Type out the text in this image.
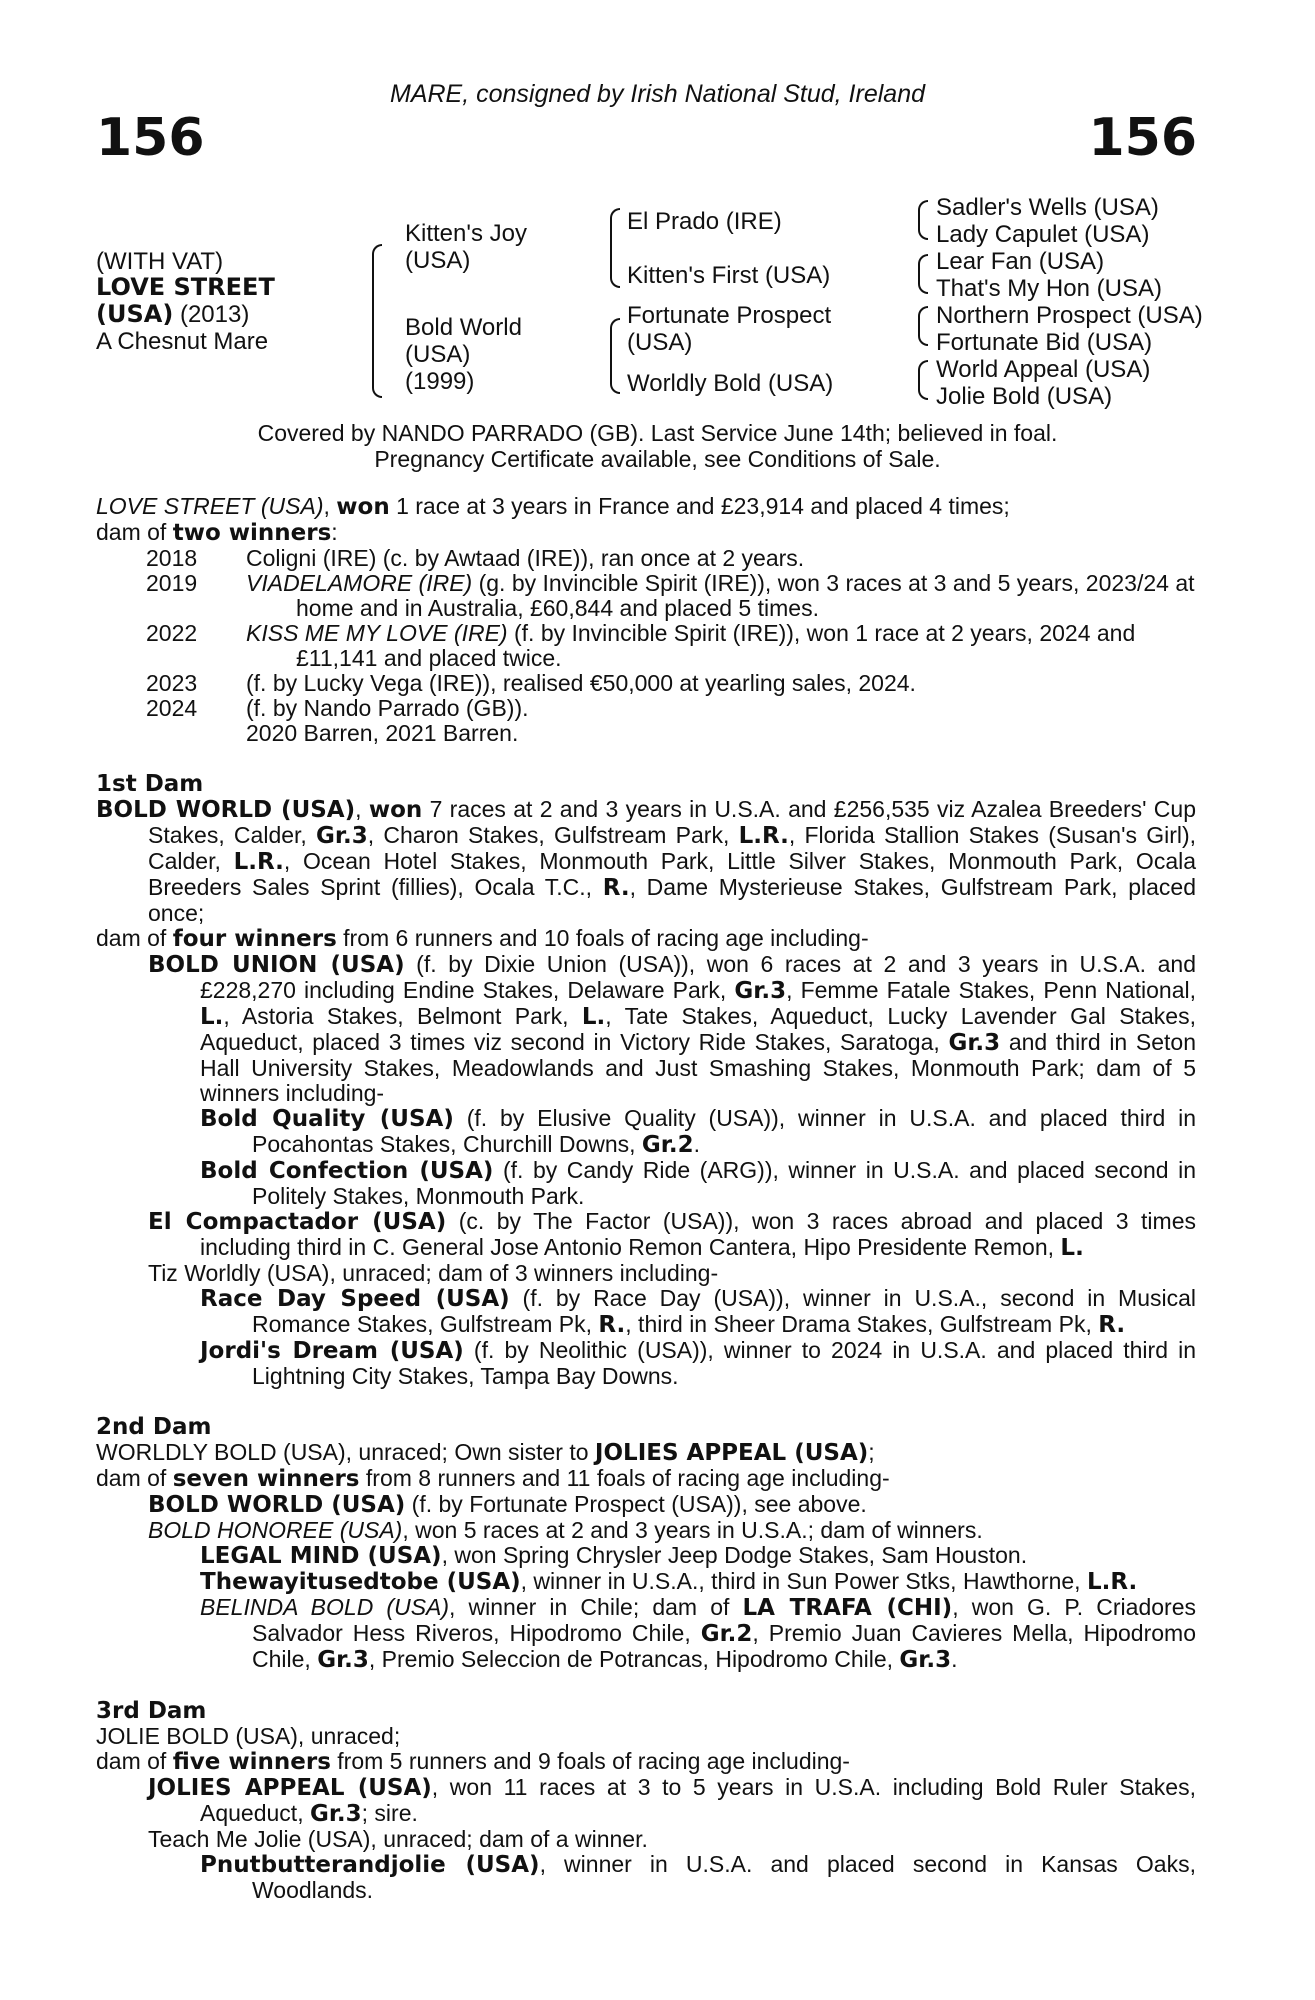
MARE, consigned by Irish National Stud, Ireland
156	156
(WITH VAT)
LOVE STREET
(USA) (2013)
A Chesnut Mare
Kitten's Joy
(USA)
Bold World
(USA)
(1999)
El Prado (IRE)
Kitten's First (USA)
Fortunate Prospect
(USA)
Worldly Bold (USA)
Sadler's Wells (USA)
Lady Capulet (USA)
Lear Fan (USA)
That's My Hon (USA)
Northern Prospect (USA)
Fortunate Bid (USA)
World Appeal (USA)
Jolie Bold (USA)
Covered by NANDO PARRADO (GB). Last Service June 14th; believed in foal.
Pregnancy Certificate available, see Conditions of Sale.
LOVE STREET (USA), won 1 race at 3 years in France and £23,914 and placed 4 times;
dam of two winners:
2018	Coligni (IRE) (c. by Awtaad (IRE)), ran once at 2 years.
2019	VIADELAMORE (IRE) (g. by Invincible Spirit (IRE)), won 3 races at 3 and 5 years, 2023/24 at home and in Australia, £60,844 and placed 5 times.
2022	KISS ME MY LOVE (IRE) (f. by Invincible Spirit (IRE)), won 1 race at 2 years, 2024 and £11,141 and placed twice.
2023	(f. by Lucky Vega (IRE)), realised €50,000 at yearling sales, 2024.
2024	(f. by Nando Parrado (GB)).
2020 Barren, 2021 Barren.
1st Dam
BOLD WORLD (USA), won 7 races at 2 and 3 years in U.S.A. and £256,535 viz Azalea Breeders' Cup Stakes, Calder, Gr.3, Charon Stakes, Gulfstream Park, L.R., Florida Stallion Stakes (Susan's Girl), Calder, L.R., Ocean Hotel Stakes, Monmouth Park, Little Silver Stakes, Monmouth Park, Ocala Breeders Sales Sprint (fillies), Ocala T.C., R., Dame Mysterieuse Stakes, Gulfstream Park, placed once;
dam of four winners from 6 runners and 10 foals of racing age including-
BOLD UNION (USA) (f. by Dixie Union (USA)), won 6 races at 2 and 3 years in U.S.A. and £228,270 including Endine Stakes, Delaware Park, Gr.3, Femme Fatale Stakes, Penn National, L., Astoria Stakes, Belmont Park, L., Tate Stakes, Aqueduct, Lucky Lavender Gal Stakes, Aqueduct, placed 3 times viz second in Victory Ride Stakes, Saratoga, Gr.3 and third in Seton Hall University Stakes, Meadowlands and Just Smashing Stakes, Monmouth Park; dam of 5 winners including-
Bold Quality (USA) (f. by Elusive Quality (USA)), winner in U.S.A. and placed third in Pocahontas Stakes, Churchill Downs, Gr.2.
Bold Confection (USA) (f. by Candy Ride (ARG)), winner in U.S.A. and placed second in Politely Stakes, Monmouth Park.
El Compactador (USA) (c. by The Factor (USA)), won 3 races abroad and placed 3 times including third in C. General Jose Antonio Remon Cantera, Hipo Presidente Remon, L.
Tiz Worldly (USA), unraced; dam of 3 winners including-
Race Day Speed (USA) (f. by Race Day (USA)), winner in U.S.A., second in Musical Romance Stakes, Gulfstream Pk, R., third in Sheer Drama Stakes, Gulfstream Pk, R.
Jordi's Dream (USA) (f. by Neolithic (USA)), winner to 2024 in U.S.A. and placed third in Lightning City Stakes, Tampa Bay Downs.
2nd Dam
WORLDLY BOLD (USA), unraced; Own sister to JOLIES APPEAL (USA);
dam of seven winners from 8 runners and 11 foals of racing age including-
BOLD WORLD (USA) (f. by Fortunate Prospect (USA)), see above.
BOLD HONOREE (USA), won 5 races at 2 and 3 years in U.S.A.; dam of winners.
LEGAL MIND (USA), won Spring Chrysler Jeep Dodge Stakes, Sam Houston.
Thewayitusedtobe (USA), winner in U.S.A., third in Sun Power Stks, Hawthorne, L.R.
BELINDA BOLD (USA), winner in Chile; dam of LA TRAFA (CHI), won G. P. Criadores Salvador Hess Riveros, Hipodromo Chile, Gr.2, Premio Juan Cavieres Mella, Hipodromo Chile, Gr.3, Premio Seleccion de Potrancas, Hipodromo Chile, Gr.3.
3rd Dam
JOLIE BOLD (USA), unraced;
dam of five winners from 5 runners and 9 foals of racing age including-
JOLIES APPEAL (USA), won 11 races at 3 to 5 years in U.S.A. including Bold Ruler Stakes, Aqueduct, Gr.3; sire.
Teach Me Jolie (USA), unraced; dam of a winner.
Pnutbutterandjolie (USA), winner in U.S.A. and placed second in Kansas Oaks, Woodlands.
